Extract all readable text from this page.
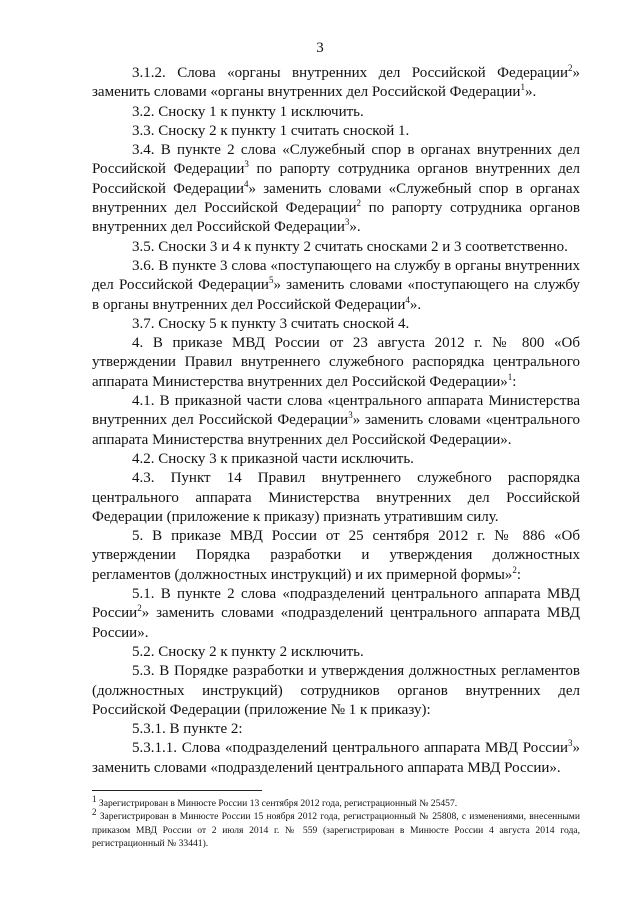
3

3.1.2. Слова «органы внутренних дел Российской Федерации$^2$» заменить словами «органы внутренних дел Российской Федерации$^1$».

3.2. Сноску 1 к пункту 1 исключить.

3.3. Сноску 2 к пункту 1 считать сноской 1.

3.4. В пункте 2 слова «Служебный спор в органах внутренних дел Российской Федерации$^3$ по рапорту сотрудника органов внутренних дел Российской Федерации$^4$» заменить словами «Служебный спор в органах внутренних дел Российской Федерации$^2$ по рапорту сотрудника органов внутренних дел Российской Федерации$^3$».

3.5. Сноски 3 и 4 к пункту 2 считать сносками 2 и 3 соответственно.

3.6. В пункте 3 слова «поступающего на службу в органы внутренних дел Российской Федерации$^5$» заменить словами «поступающего на службу в органы внутренних дел Российской Федерации$^4$».

3.7. Сноску 5 к пункту 3 считать сноской 4.

4. В приказе МВД России от 23 августа 2012 г. № 800 «Об утверждении Правил внутреннего служебного распорядка центрального аппарата Министерства внутренних дел Российской Федерации»$^1$:

4.1. В приказной части слова «центрального аппарата Министерства внутренних дел Российской Федерации$^3$» заменить словами «центрального аппарата Министерства внутренних дел Российской Федерации».

4.2. Сноску 3 к приказной части исключить.

4.3. Пункт 14 Правил внутреннего служебного распорядка центрального аппарата Министерства внутренних дел Российской Федерации (приложение к приказу) признать утратившим силу.

5. В приказе МВД России от 25 сентября 2012 г. № 886 «Об утверждении Порядка разработки и утверждения должностных регламентов (должностных инструкций) и их примерной формы»$^2$:

5.1. В пункте 2 слова «подразделений центрального аппарата МВД России$^2$» заменить словами «подразделений центрального аппарата МВД России».

5.2. Сноску 2 к пункту 2 исключить.

5.3. В Порядке разработки и утверждения должностных регламентов (должностных инструкций) сотрудников органов внутренних дел Российской Федерации (приложение № 1 к приказу):

5.3.1. В пункте 2:

5.3.1.1. Слова «подразделений центрального аппарата МВД России$^3$» заменить словами «подразделений центрального аппарата МВД России».

$^1$ Зарегистрирован в Минюсте России 13 сентября 2012 года, регистрационный № 25457.

$^2$ Зарегистрирован в Минюсте России 15 ноября 2012 года, регистрационный № 25808, с изменениями, внесенными приказом МВД России от 2 июля 2014 г. № 559 (зарегистрирован в Минюсте России 4 августа 2014 года, регистрационный № 33441).
